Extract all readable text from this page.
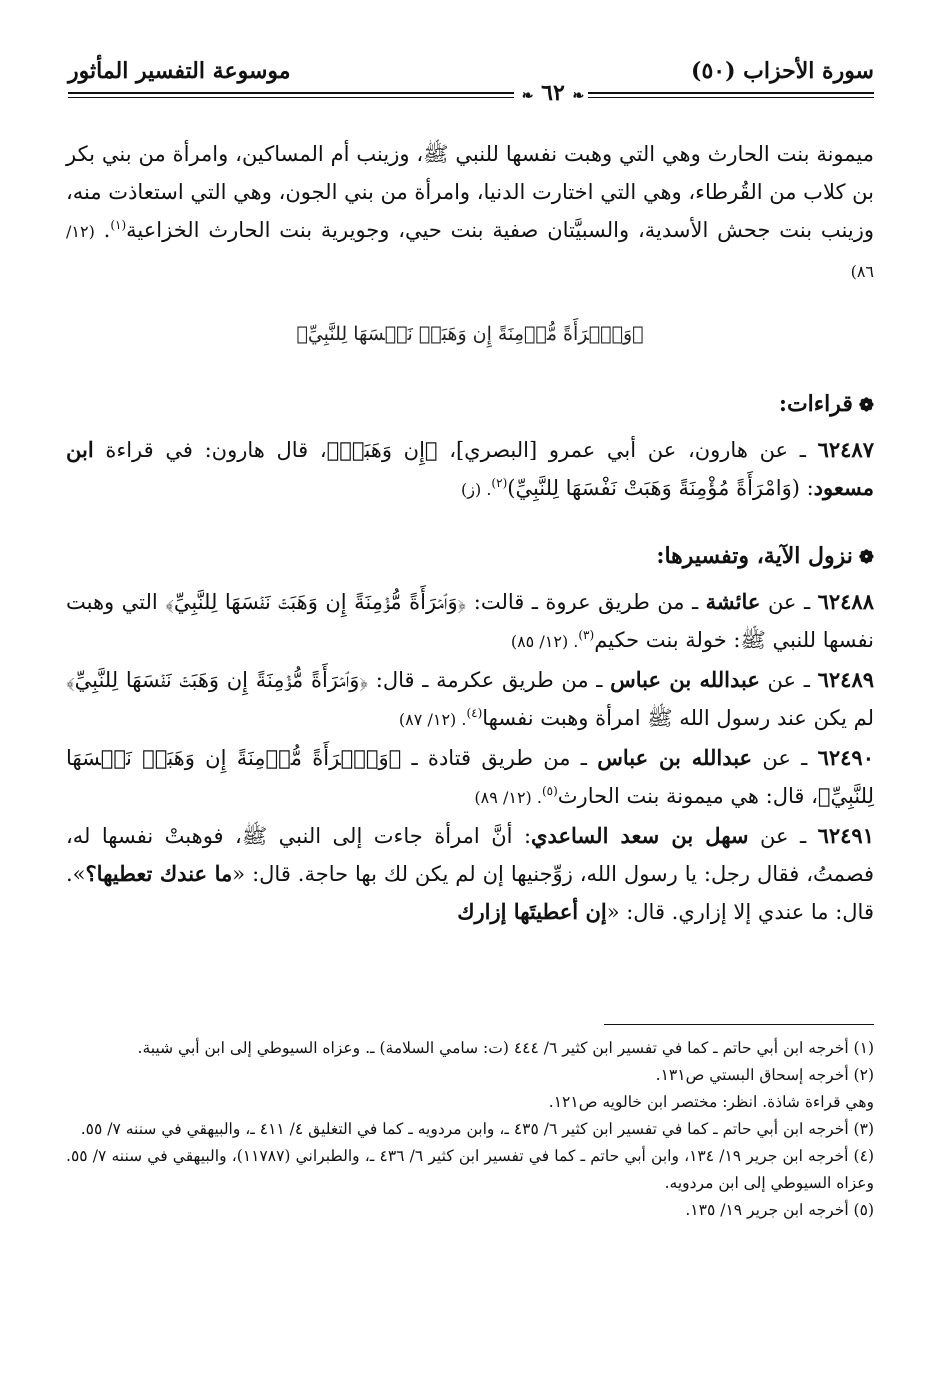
سورة الأحزاب (٥٠)
موسوعة التفسير المأثور
❧ ٦٢ ❧

ميمونة بنت الحارث وهي التي وهبت نفسها للنبي ﷺ، وزينب أم المساكين، وامرأة من بني بكر بن كلاب من القُرطاء، وهي التي اختارت الدنيا، وامرأة من بني الجون، وهي التي استعاذت منه، وزينب بنت جحش الأسدية، والسبيَّتان صفية بنت حيي، وجويرية بنت الحارث الخزاعية$^{(١)}$. (١٢/ ٨٦)

﴿وَٱمۡرَأَةً مُّؤۡمِنَةً إِن وَهَبَتۡ نَفۡسَهَا لِلنَّبِيِّ﴾
❁قراءات:

٦٢٤٨٧ ـ عن هارون، عن أبي عمرو [البصري]، ﴿إِن وَهَبَتۡ﴾، قال هارون: في قراءة ابن مسعود: (وَامْرَأَةً مُؤْمِنَةً وَهَبَتْ نَفْسَهَا لِلنَّبِيِّ)$^{(٢)}$. (ز)

❁نزول الآية، وتفسيرها:

٦٢٤٨٨ ـ عن عائشة ـ من طريق عروة ـ قالت: ﴿وَٱمۡرَأَةً مُّؤۡمِنَةً إِن وَهَبَتۡ نَفۡسَهَا لِلنَّبِيِّ﴾ التي وهبت نفسها للنبي ﷺ: خولة بنت حكيم$^{(٣)}$. (١٢/ ٨٥)

٦٢٤٨٩ ـ عن عبدالله بن عباس ـ من طريق عكرمة ـ قال: ﴿وَٱمۡرَأَةً مُّؤۡمِنَةً إِن وَهَبَتۡ نَفۡسَهَا لِلنَّبِيِّ﴾ لم يكن عند رسول الله ﷺ امرأة وهبت نفسها$^{(٤)}$. (١٢/ ٨٧)

٦٢٤٩٠ ـ عن عبدالله بن عباس ـ من طريق قتادة ـ ﴿وَٱمۡرَأَةً مُّؤۡمِنَةً إِن وَهَبَتۡ نَفۡسَهَا لِلنَّبِيِّ﴾، قال: هي ميمونة بنت الحارث$^{(٥)}$. (١٢/ ٨٩)

٦٢٤٩١ ـ عن سهل بن سعد الساعدي: أنَّ امرأة جاءت إلى النبي ﷺ، فوهبتْ نفسها له، فصمتُ، فقال رجل: يا رسول الله، زوِّجنيها إن لم يكن لك بها حاجة. قال: «ما عندك تعطيها؟». قال: ما عندي إلا إزاري. قال: «إن أعطيتَها إزارك

(١) أخرجه ابن أبي حاتم ـ كما في تفسير ابن كثير ٦/ ٤٤٤ (ت: سامي السلامة) ـ. وعزاه السيوطي إلى ابن أبي شيبة.

(٢) أخرجه إسحاق البستي ص١٣١.

وهي قراءة شاذة. انظر: مختصر ابن خالويه ص١٢١.

(٣) أخرجه ابن أبي حاتم ـ كما في تفسير ابن كثير ٦/ ٤٣٥ ـ، وابن مردويه ـ كما في التغليق ٤/ ٤١١ ـ، والبيهقي في سننه ٧/ ٥٥.

(٤) أخرجه ابن جرير ١٩/ ١٣٤، وابن أبي حاتم ـ كما في تفسير ابن كثير ٦/ ٤٣٦ ـ، والطبراني (١١٧٨٧)، والبيهقي في سننه ٧/ ٥٥. وعزاه السيوطي إلى ابن مردويه.

(٥) أخرجه ابن جرير ١٩/ ١٣٥.
